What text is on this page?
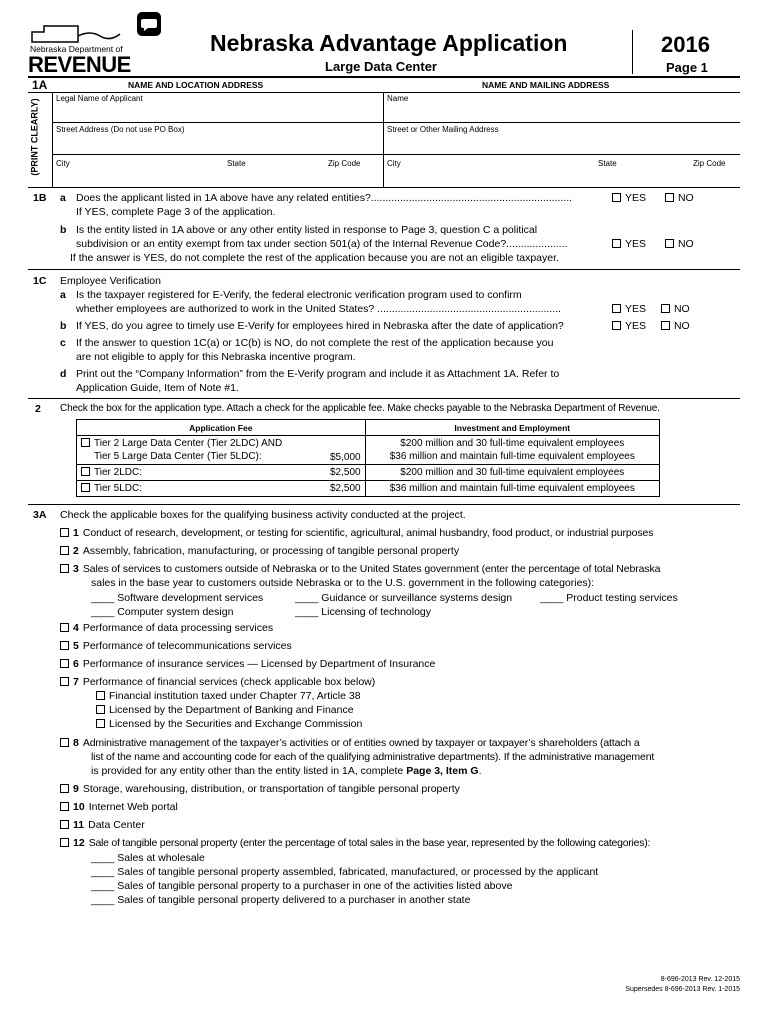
Nebraska Department of
REVENUE
Nebraska Advantage Application
Large Data Center
2016
Page 1
1A	NAME AND LOCATION ADDRESS	NAME AND MAILING ADDRESS
(PRINT CLEARLY) Legal Name of Applicant	Name
Street Address (Do not use PO Box)	Street or Other Mailing Address
City	State	Zip Code	City	State	Zip Code
1B a Does the applicant listed in 1A above have any related entities?.....................................................................
If YES, complete Page 3 of the application.
YES	NO
b Is the entity listed in 1A above or any other entity listed in response to Page 3, question C a political
subdivision or an entity exempt from tax under section 501(a) of the Internal Revenue Code?.....................
If the answer is YES, do not complete the rest of the application because you are not an eligible taxpayer.
YES	NO
1C Employee Verification
a Is the taxpayer registered for E-Verify, the federal electronic verification program used to confirm
whether employees are authorized to work in the United States? ...............................................................	YES	NO
b If YES, do you agree to timely use E-Verify for employees hired in Nebraska after the date of application?	YES	NO
c If the answer to question 1C(a) or 1C(b) is NO, do not complete the rest of the application because you
are not eligible to apply for this Nebraska incentive program.
d Print out the “Company Information” from the E-Verify program and include it as Attachment 1A. Refer to
Application Guide, Item of Note #1.
2 Check the box for the application type. Attach a check for the applicable fee. Make checks payable to the Nebraska Department of Revenue.
Application Fee		Investment and Employment
Tier 2 Large Data Center (Tier 2LDC) AND
Tier 5 Large Data Center (Tier 5LDC):	$5,000	$200 million and 30 full-time equivalent employees
$36 million and maintain full-time equivalent employees
Tier 2LDC:	$2,500	$200 million and 30 full-time equivalent employees
Tier 5LDC:	$2,500	$36 million and maintain full-time equivalent employees
3A Check the applicable boxes for the qualifying business activity conducted at the project.
1 Conduct of research, development, or testing for scientific, agricultural, animal husbandry, food product, or industrial purposes
2 Assembly, fabrication, manufacturing, or processing of tangible personal property
3 Sales of services to customers outside of Nebraska or to the United States government (enter the percentage of total Nebraska
sales in the base year to customers outside Nebraska or to the U.S. government in the following categories):
____ Software development services	____ Guidance or surveillance systems design	____ Product testing services
____ Computer system design	____ Licensing of technology
4 Performance of data processing services
5 Performance of telecommunications services
6 Performance of insurance services — Licensed by Department of Insurance
7 Performance of financial services (check applicable box below)
Financial institution taxed under Chapter 77, Article 38
Licensed by the Department of Banking and Finance
Licensed by the Securities and Exchange Commission
8 Administrative management of the taxpayer’s activities or of entities owned by taxpayer or taxpayer’s shareholders (attach a
list of the name and accounting code for each of the qualifying administrative departments). If the administrative management
is provided for any entity other than the entity listed in 1A, complete Page 3, Item G.
9 Storage, warehousing, distribution, or transportation of tangible personal property
10 Internet Web portal
11 Data Center
12 Sale of tangible personal property (enter the percentage of total sales in the base year, represented by the following categories):
____ Sales at wholesale
____ Sales of tangible personal property assembled, fabricated, manufactured, or processed by the applicant
____ Sales of tangible personal property to a purchaser in one of the activities listed above
____ Sales of tangible personal property delivered to a purchaser in another state
8-696-2013 Rev. 12-2015
Supersedes 8-696-2013 Rev. 1-2015
